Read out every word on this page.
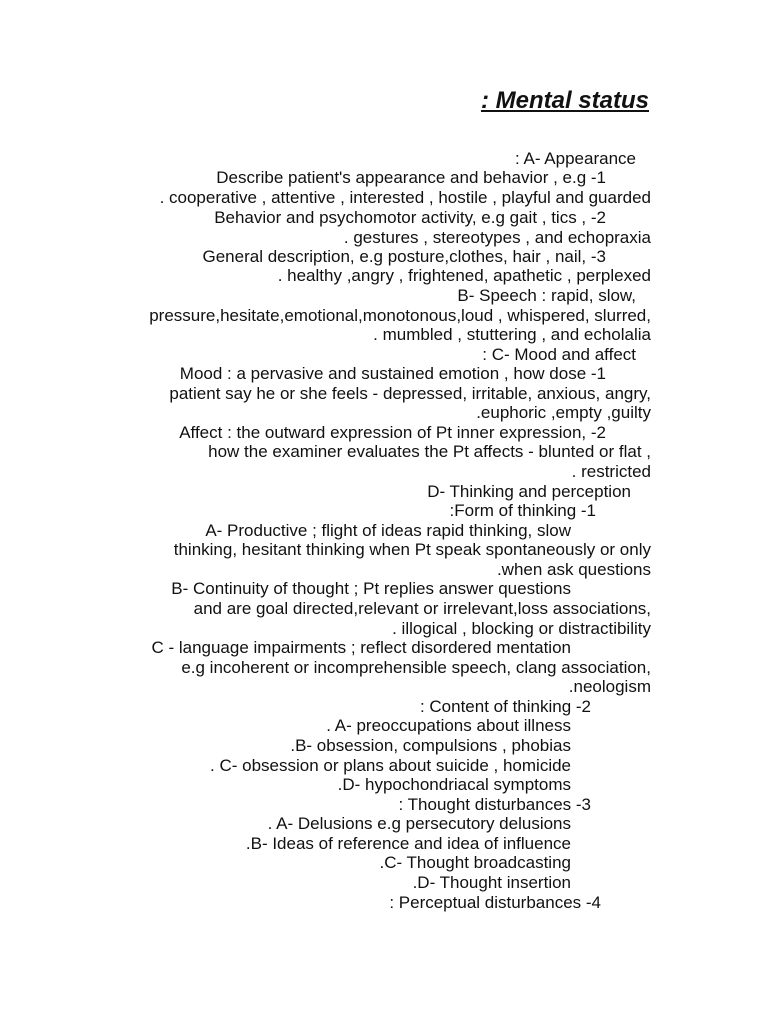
: Mental status
: A- Appearance
Describe patient's appearance and behavior , e.g -1
. cooperative , attentive , interested , hostile , playful and guarded
Behavior and psychomotor activity, e.g gait , tics , -2
. gestures , stereotypes , and echopraxia
General description, e.g posture,clothes, hair , nail, -3
. healthy ,angry , frightened, apathetic , perplexed
B- Speech : rapid, slow,
pressure,hesitate,emotional,monotonous,loud , whispered, slurred,
. mumbled , stuttering , and echolalia
: C- Mood and affect
Mood : a pervasive and sustained emotion , how dose -1
patient say he or she feels - depressed, irritable, anxious, angry,
.euphoric ,empty ,guilty
Affect : the outward expression of Pt inner expression, -2
how the examiner evaluates the Pt affects - blunted or flat ,
. restricted
D- Thinking and perception
:Form of thinking -1
A- Productive ; flight of ideas rapid thinking, slow
thinking, hesitant thinking when Pt speak spontaneously or only
.when ask questions
B- Continuity of thought ; Pt replies answer questions
and are goal directed,relevant or irrelevant,loss associations,
. illogical , blocking or distractibility
C - language impairments ; reflect disordered mentation
e.g incoherent or incomprehensible speech, clang association,
.neologism
: Content of thinking -2
. A- preoccupations about illness
.B- obsession, compulsions , phobias
. C- obsession or plans about suicide , homicide
.D- hypochondriacal symptoms
: Thought disturbances -3
. A- Delusions e.g persecutory delusions
.B- Ideas of reference and idea of influence
.C- Thought broadcasting
.D- Thought insertion
: Perceptual disturbances -4
